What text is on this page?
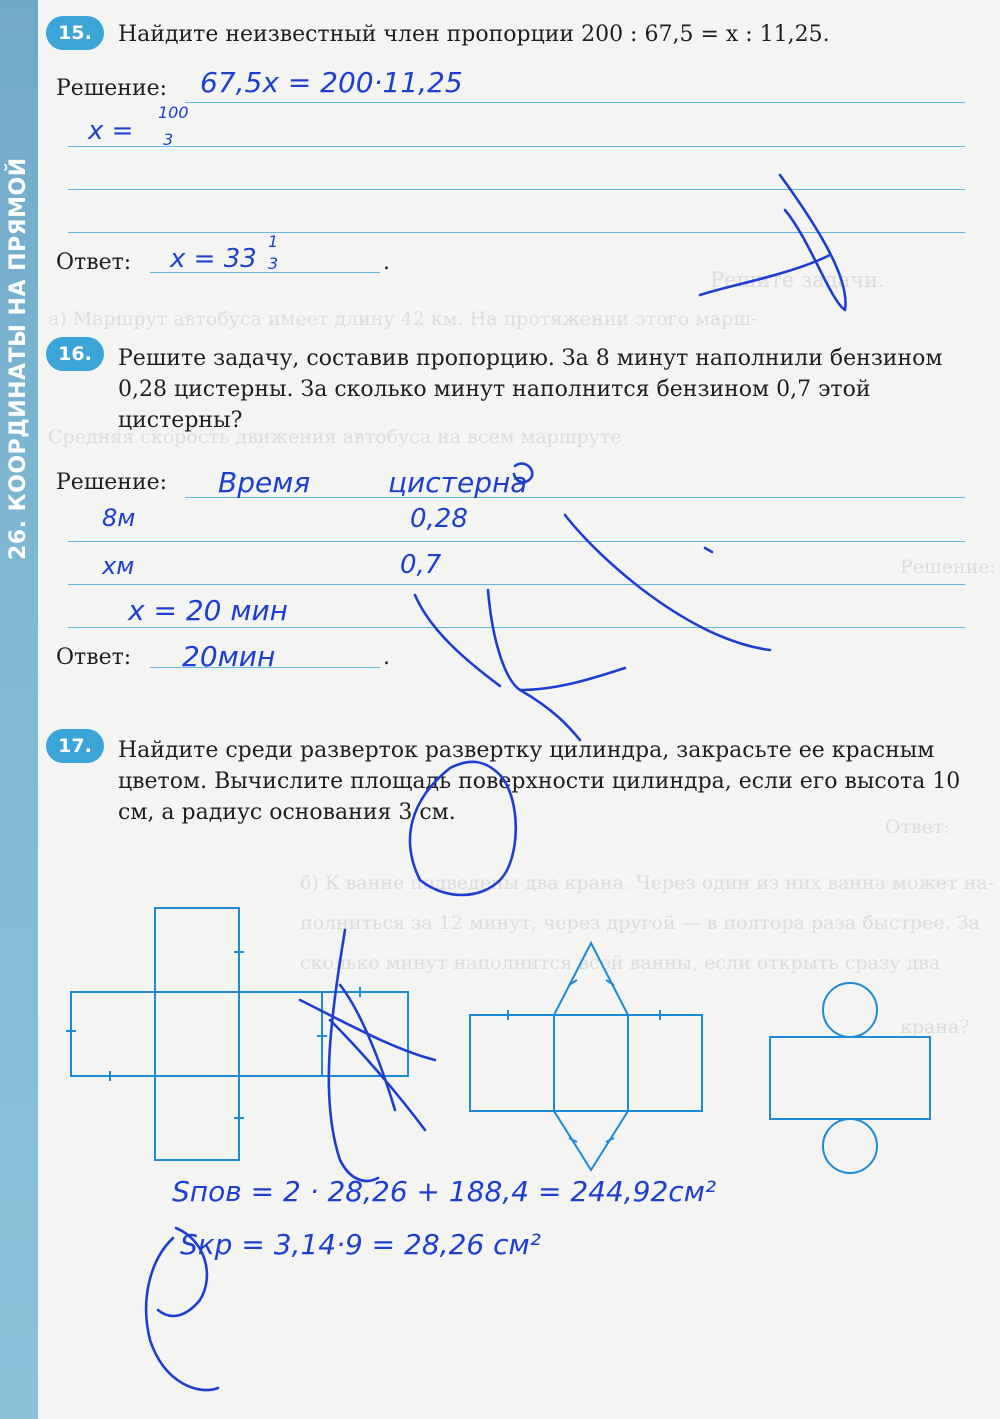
26. КООРДИНАТЫ НА ПРЯМОЙ	Решите задачи.
а) Маршрут автобуса имеет длину 42 км. На протяжении этого марш-
Средняя скорость движения автобуса на всем маршруте
Решение:
Ответ:
б) К ванне подведены два крана. Через один из них ванна может на-
полниться за 12 минут, через другой — в полтора раза быстрее. За
сколько минут наполнится всей ванны, если открыть сразу два
крана?
15.	Найдите неизвестный член пропорции 200 : 67,5 = x : 11,25.
Решение:
Ответ:	.
67,5x = 200·11,25
x =
100
3
x = 33
1
3
16.	Решите задачу, составив пропорцию. За 8 минут наполнили бензином 0,28 цистерны. За сколько минут наполнится бензином 0,7 этой цистерны?
Решение:
Ответ:	.
Время	цистерна
8м	0,28
xм	0,7
x = 20 мин
20мин
17.	Найдите среди разверток развертку цилиндра, закрасьте ее красным цветом. Вычислите площадь поверхности цилиндра, если его высота 10 см, а радиус основания 3 см.
Sпов = 2 · 28,26 + 188,4 = 244,92см²
Sкр = 3,14·9 = 28,26 см²
